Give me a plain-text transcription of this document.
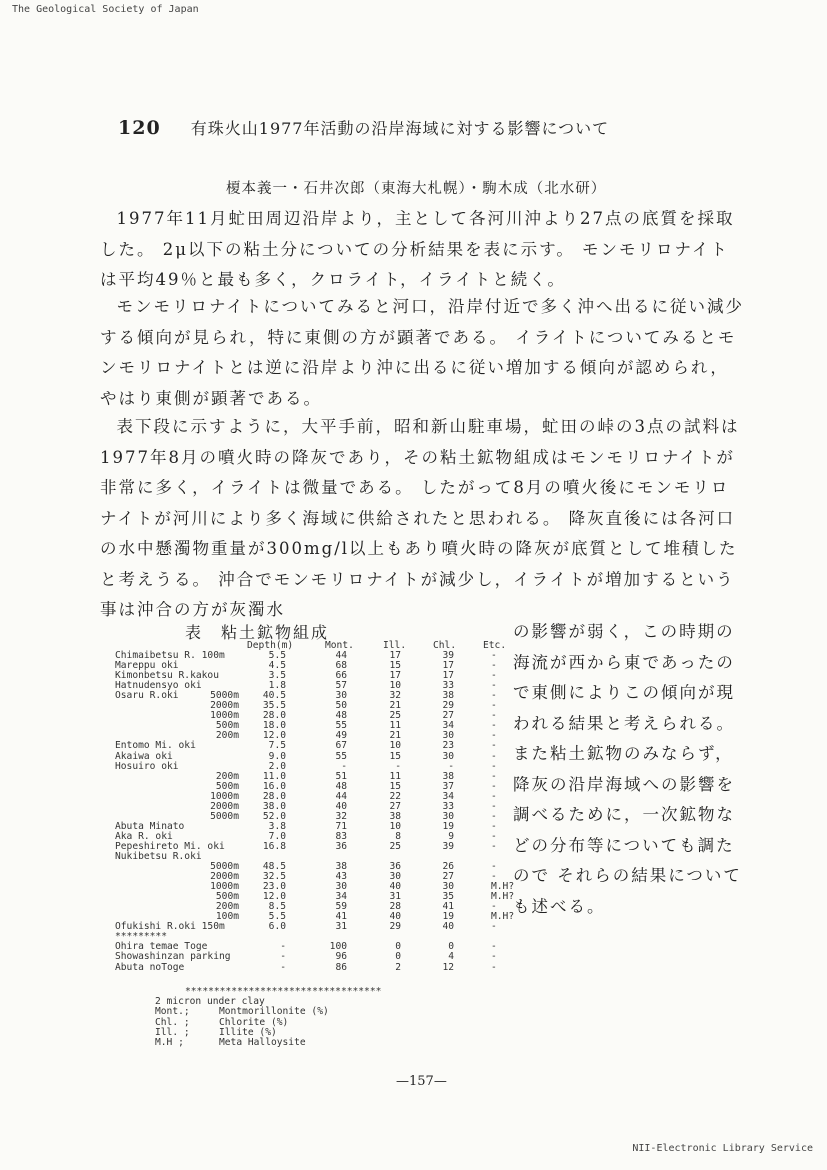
The Geological Society of Japan
120 有珠火山1977年活動の沿岸海域に対する影響について
榎本義一・石井次郎（東海大札幌）・駒木成（北水研）
1977年11月虻田周辺沿岸より，主として各河川沖より27点の底質を採取した。 2μ以下の粘土分についての分析結果を表に示す。 モンモリロナイトは平均49％と最も多く，クロライト，イライトと続く。
モンモリロナイトについてみると河口，沿岸付近で多く沖へ出るに従い減少する傾向が見られ，特に東側の方が顕著である。 イライトについてみるとモンモリロナイトとは逆に沿岸より沖に出るに従い増加する傾向が認められ，やはり東側が顕著である。
表下段に示すように，大平手前，昭和新山駐車場，虻田の峠の3点の試料は1977年8月の噴火時の降灰であり，その粘土鉱物組成はモンモリロナイトが非常に多く，イライトは微量である。 したがって8月の噴火後にモンモリロナイトが河川により多く海域に供給されたと思われる。 降灰直後には各河口の水中懸濁物重量が300mg/l以上もあり噴火時の降灰が底質として堆積したと考えうる。 沖合でモンモリロナイトが減少し，イライトが増加するという事は沖合の方が灰濁水
表　粘土鉱物組成
Depth(m)	Mont.	Ill.	Chl.	Etc.
Chimaibetsu R. 100m	5.5	44	17	39	-
Mareppu oki	4.5	68	15	17	-
Kimonbetsu R.kakou	3.5	66	17	17	-
Hatnudensyo oki	1.8	57	10	33	-
Osaru R.oki	5000m 40.5	30	32	38	-
2000m 35.5	50	21	29	-
1000m 28.0	48	25	27	-
500m 18.0	55	11	34	-
200m 12.0	49	21	30	-
Entomo Mi. oki	7.5	67	10	23	-
Akaiwa oki	9.0	55	15	30	-
Hosuiro oki	2.0	-	-	-	-
200m 11.0	51	11	38	-
500m 16.0	48	15	37	-
1000m 28.0	44	22	34	-
2000m 38.0	40	27	33	-
5000m 52.0	32	38	30	-
Abuta Minato	3.8	71	10	19	-
Aka R. oki	7.0	83	8	9	-
Pepeshireto Mi. oki	16.8	36	25	39	-
Nukibetsu R.oki
5000m 48.5	38	36	26	-
2000m 32.5	43	30	27	-
1000m 23.0	30	40	30	M.H?
500m 12.0	34	31	35	M.H?
200m	8.5	59	28	41	-
100m	5.5	41	40	19	M.H?
Ofukishi R.oki 150m	6.0	31	29	40	-
*********
Ohira temae Toge	-	100	0	0	-
Showashinzan parking	-	96	0	4	-
Abuta noToge	-	86	2	12	-
の影響が弱く，この時期の海流が西から東であったので東側によりこの傾向が現われる結果と考えられる。 また粘土鉱物のみならず，降灰の沿岸海域への影響を調べるために，一次鉱物などの分布等についても調たので それらの結果についても述べる。
**********************************
2 micron under clay
Mont.;	Montmorillonite (%)
Chl. ;	Chlorite (%)
Ill. ;	Illite (%)
M.H ;	Meta Halloysite
—157—
NII-Electronic Library Service
